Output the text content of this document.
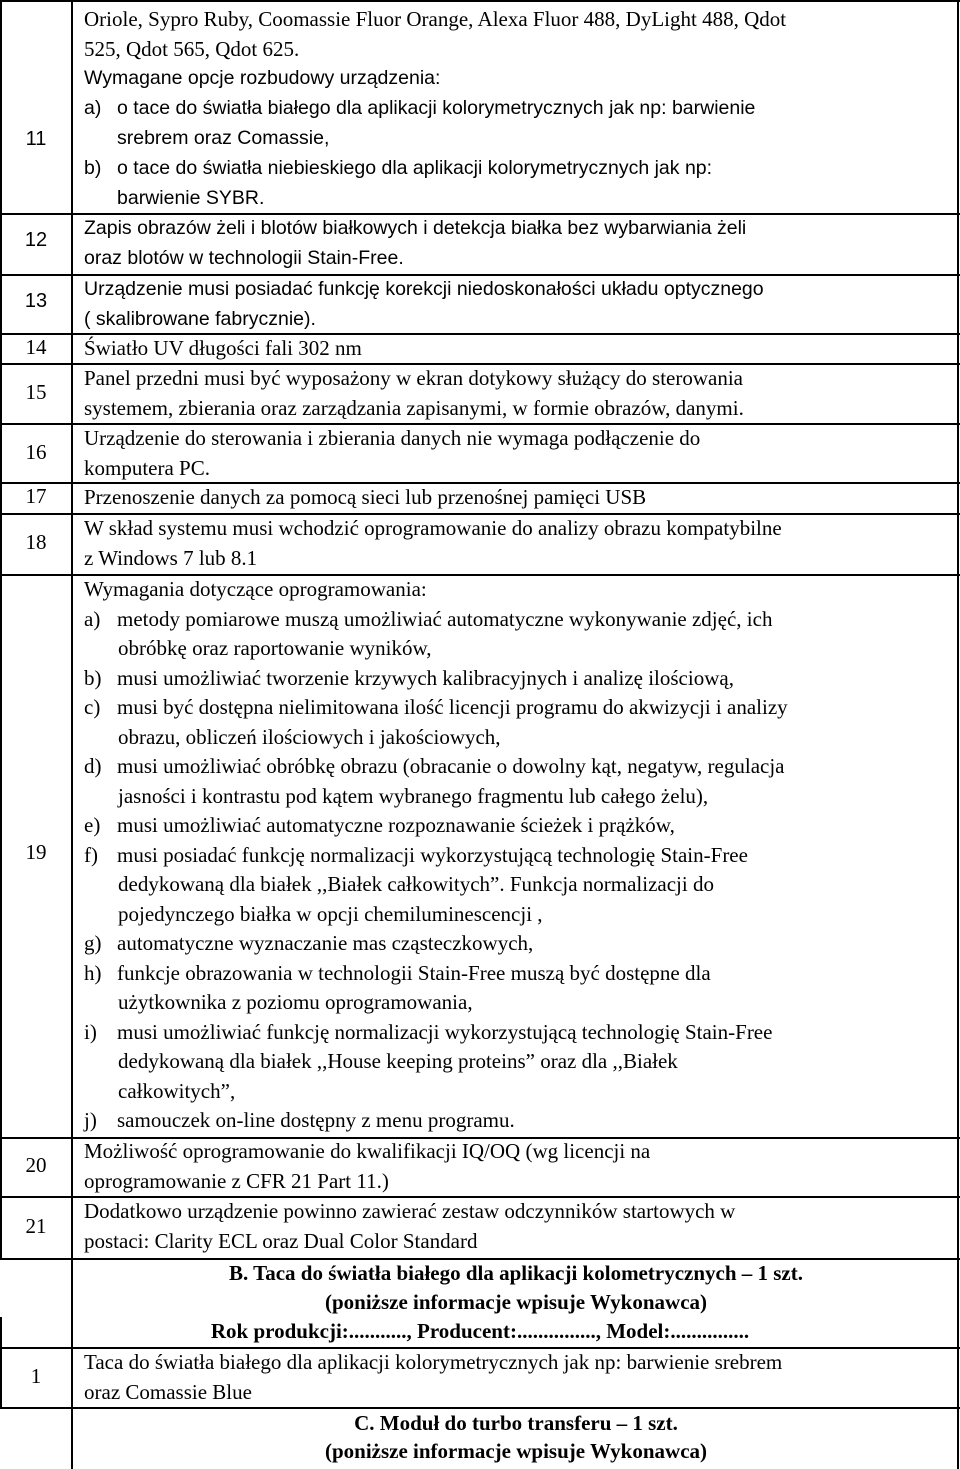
Oriole, Sypro Ruby, Coomassie Fluor Orange, Alexa Fluor 488, DyLight 488, Qdot
525, Qdot 565, Qdot 625.
11
Wymagane opcje rozbudowy urządzenia:
a) o tace do światła białego dla aplikacji kolorymetrycznych jak np: barwienie
srebrem oraz Comassie,
b) o tace do światła niebieskiego dla aplikacji kolorymetrycznych jak np:
barwienie SYBR.
12
Zapis obrazów żeli i blotów białkowych i detekcja białka bez wybarwiania żeli
oraz blotów w technologii Stain-Free.
13
Urządzenie musi posiadać funkcję korekcji niedoskonałości układu optycznego
( skalibrowane fabrycznie).
14	Światło UV długości fali 302 nm
15
Panel przedni musi być wyposażony w ekran dotykowy służący do sterowania
systemem, zbierania oraz zarządzania zapisanymi, w formie obrazów, danymi.
16
Urządzenie do sterowania i zbierania danych nie wymaga podłączenie do
komputera PC.
17	Przenoszenie danych za pomocą sieci lub przenośnej pamięci USB
18
W skład systemu musi wchodzić oprogramowanie do analizy obrazu kompatybilne
z Windows 7 lub 8.1
19
Wymagania dotyczące oprogramowania:
a) metody pomiarowe muszą umożliwiać automatyczne wykonywanie zdjęć, ich
obróbkę oraz raportowanie wyników,
b) musi umożliwiać tworzenie krzywych kalibracyjnych i analizę ilościową,
c) musi być dostępna nielimitowana ilość licencji programu do akwizycji i analizy
obrazu, obliczeń ilościowych i jakościowych,
d) musi umożliwiać obróbkę obrazu (obracanie o dowolny kąt, negatyw, regulacja
jasności i kontrastu pod kątem wybranego fragmentu lub całego żelu),
e) musi umożliwiać automatyczne rozpoznawanie ścieżek i prążków,
f) musi posiadać funkcję normalizacji wykorzystującą technologię Stain-Free
dedykowaną dla białek ,,Białek całkowitych”. Funkcja normalizacji do
pojedynczego białka w opcji chemiluminescencji ,
g) automatyczne wyznaczanie mas cząsteczkowych,
h) funkcje obrazowania w technologii Stain-Free muszą być dostępne dla
użytkownika z poziomu oprogramowania,
i) musi umożliwiać funkcję normalizacji wykorzystującą technologię Stain-Free
dedykowaną dla białek ,,House keeping proteins” oraz dla ,,Białek
całkowitych”,
j) samouczek on-line dostępny z menu programu.
20
Możliwość oprogramowanie do kwalifikacji IQ/OQ (wg licencji na
oprogramowanie z CFR 21 Part 11.)
21
Dodatkowo urządzenie powinno zawierać zestaw odczynników startowych w
postaci: Clarity ECL oraz Dual Color Standard
B. Taca do światła białego dla aplikacji kolometrycznych – 1 szt.
(poniższe informacje wpisuje Wykonawca)
Rok produkcji:..........., Producent:..............., Model:...............
1
Taca do światła białego dla aplikacji kolorymetrycznych jak np: barwienie srebrem
oraz Comassie Blue
C. Moduł do turbo transferu – 1 szt.
(poniższe informacje wpisuje Wykonawca)
